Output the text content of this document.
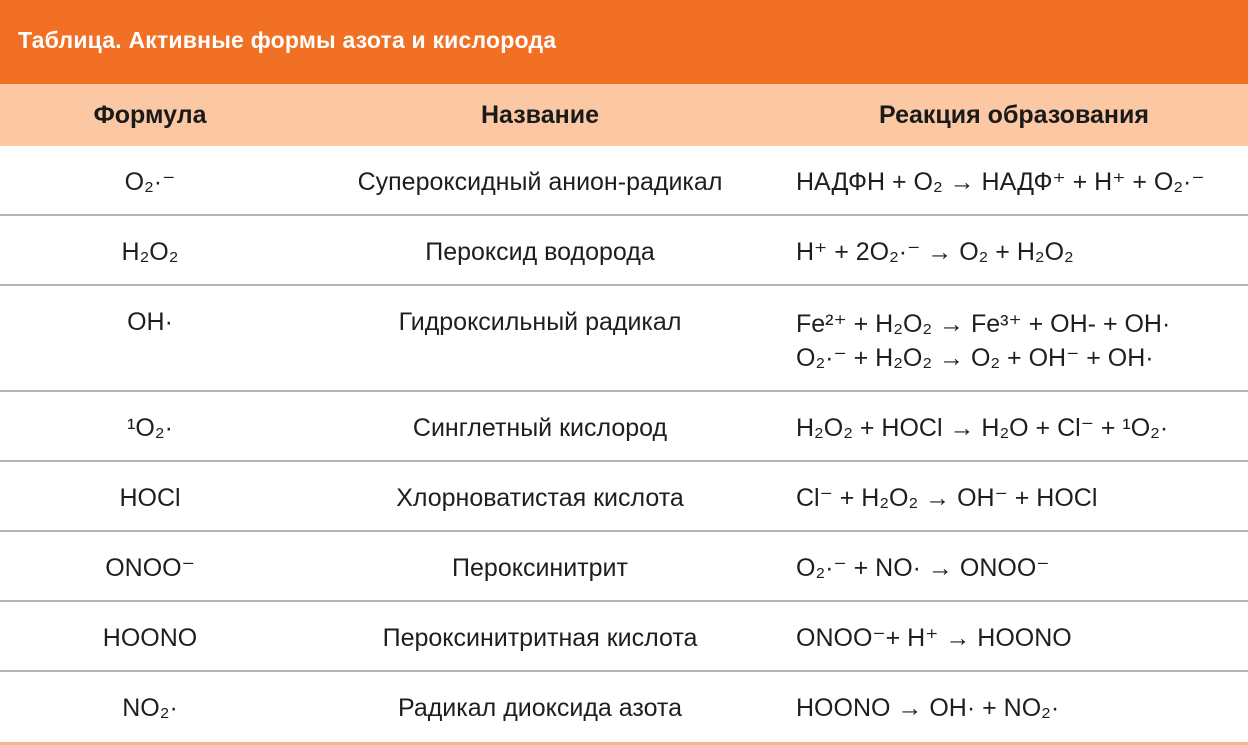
Таблица. Активные формы азота и кислорода
Формула	Название	Реакция образования
O₂·⁻	Супероксидный анион-радикал	НАДФН + O₂ → НАДФ⁺ + H⁺ + O₂·⁻
H₂O₂	Пероксид водорода	H⁺ + 2O₂·⁻ → O₂ + H₂O₂
OH·	Гидроксильный радикал	Fe²⁺ + H₂O₂ → Fe³⁺ + OH- + OH·
O₂·⁻ + H₂O₂ → O₂ + OH⁻ + OH·
¹O₂·	Синглетный кислород	H₂O₂ + HOCl → H₂O + Cl⁻ + ¹O₂·
HOCl	Хлорноватистая кислота	Cl⁻ + H₂O₂ → OH⁻ + HOCl
ONOO⁻	Пероксинитрит	O₂·⁻ + NO· → ONOO⁻
HOONO	Пероксинитритная кислота	ONOO⁻+ H⁺ → HOONO
NO₂·	Радикал диоксида азота	HOONO → OH· + NO₂·
